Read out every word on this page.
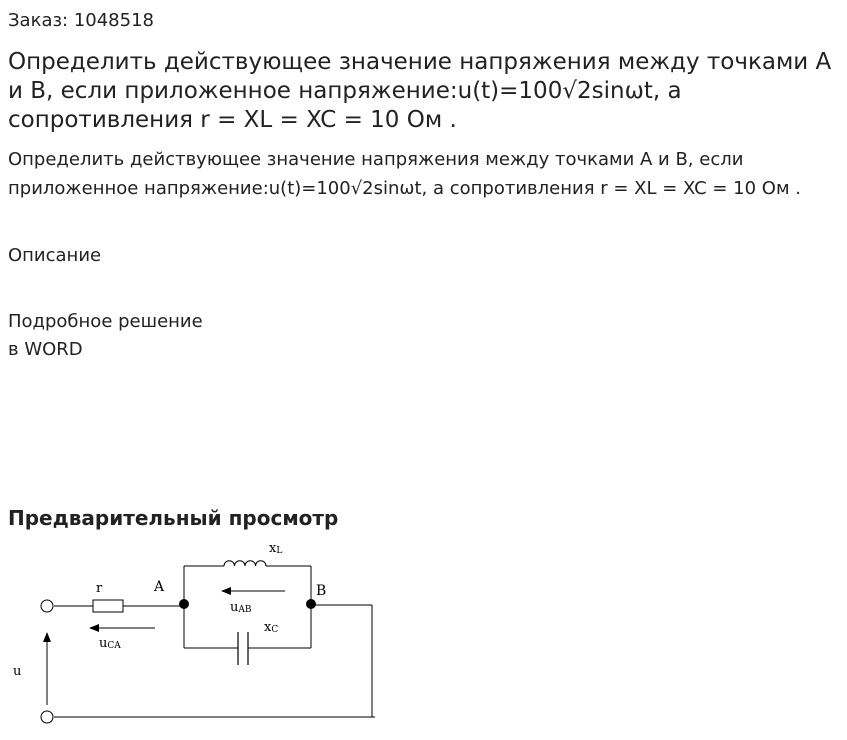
Заказ: 1048518
Определить действующее значение напряжения между точками А и В, если приложенное напряжение:u(t)=100√2sinωt, а сопротивления r = XL = XC = 10 Ом .

Определить действующее значение напряжения между точками А и В, если приложенное напряжение:u(t)=100√2sinωt, а сопротивления r = XL = XC = 10 Ом .

Описание
Подробное решение
в WORD
Предварительный просмотр
r	A	B
xL
xC
uAB
uCA
u
